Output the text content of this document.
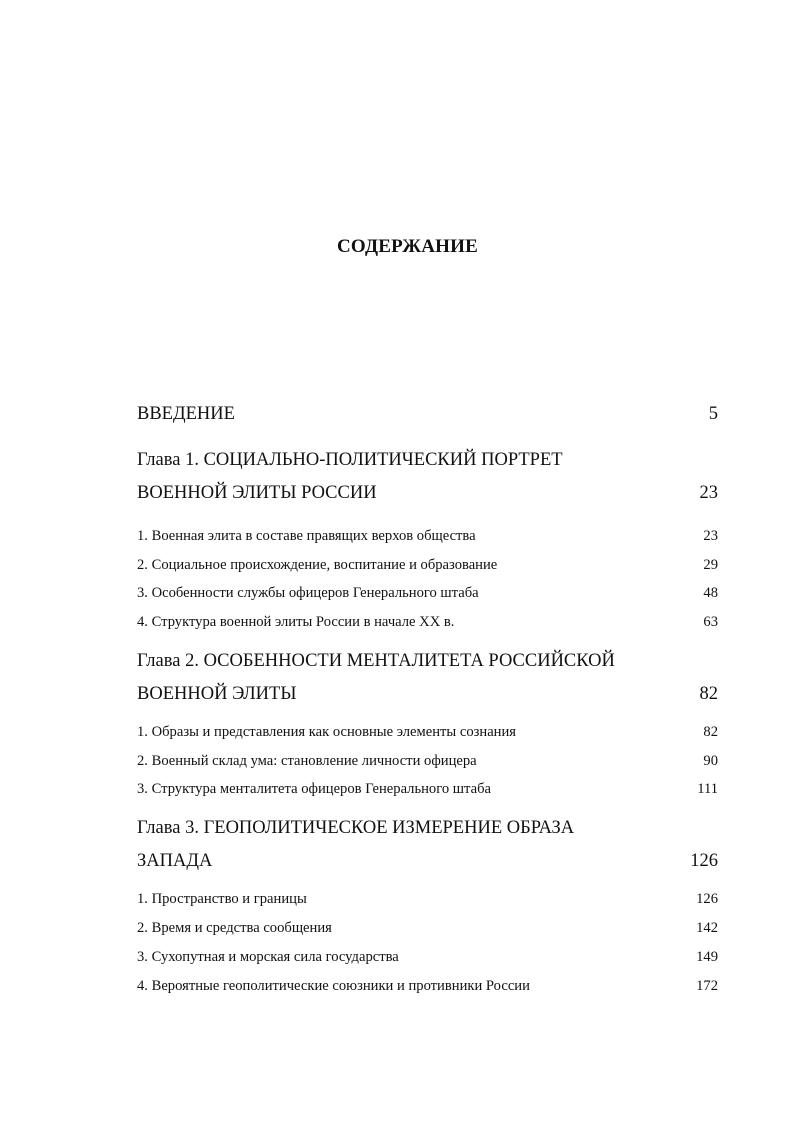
СОДЕРЖАНИЕ
ВВЕДЕНИЕ	5
Глава 1. СОЦИАЛЬНО-ПОЛИТИЧЕСКИЙ ПОРТРЕТ
ВОЕННОЙ ЭЛИТЫ РОССИИ	23
1. Военная элита в составе правящих верхов общества	23
2. Социальное происхождение, воспитание и образование	29
3. Особенности службы офицеров Генерального штаба	48
4. Структура военной элиты России в начале XX в.	63
Глава 2. ОСОБЕННОСТИ МЕНТАЛИТЕТА РОССИЙСКОЙ
ВОЕННОЙ ЭЛИТЫ	82
1. Образы и представления как основные элементы сознания	82
2. Военный склад ума: становление личности офицера	90
3. Структура менталитета офицеров Генерального штаба	111
Глава 3. ГЕОПОЛИТИЧЕСКОЕ ИЗМЕРЕНИЕ ОБРАЗА
ЗАПАДА	126
1. Пространство и границы	126
2. Время и средства сообщения	142
3. Сухопутная и морская сила государства	149
4. Вероятные геополитические союзники и противники России	172
